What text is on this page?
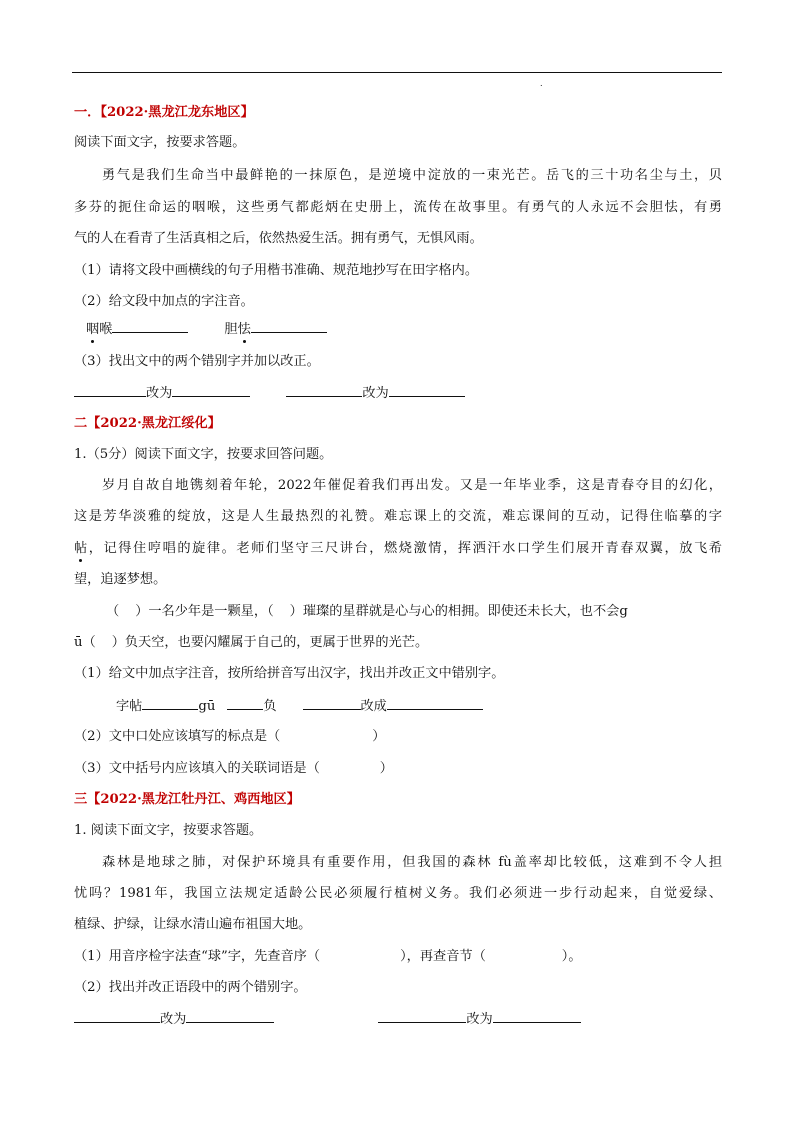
.
一．【2022·黑龙江龙东地区】
阅读下面文字，按要求答题。
勇气是我们生命当中最鲜艳的一抹原色，是逆境中淀放的一束光芒。岳飞的三十功名尘与土，贝
多芬的扼住命运的咽喉，这些勇气都彪炳在史册上，流传在故事里。有勇气的人永远不会胆怯，有勇
气的人在看青了生活真相之后，依然热爱生活。拥有勇气，无惧风雨。
（1）请将文段中画横线的句子用楷书准确、规范地抄写在田字格内。
（2）给文段中加点的字注音。
咽喉	胆怯
（3）找出文中的两个错别字并加以改正。
改为	改为
二【2022·黑龙江绥化】
1.（5分）阅读下面文字，按要求回答问题。
岁月自故自地镌刻着年轮，2022年催促着我们再出发。又是一年毕业季，这是青春夺目的幻化，
这是芳华淡雅的绽放，这是人生最热烈的礼赞。难忘课上的交流，难忘课间的互动，记得住临摹的字
帖，记得住哼唱的旋律。老师们坚守三尺讲台，燃烧激情，挥洒汗水口学生们展开青春双翼，放飞希
望，追逐梦想。
（ ）一名少年是一颗星，（ ）璀璨的星群就是心与心的相拥。即使还未长大，也不会g
ū（ ）负天空，也要闪耀属于自己的，更属于世界的光芒。
（1）给文中加点字注音，按所给拼音写出汉字，找出并改正文中错别字。
字帖	gū	负	改成
（2）文中口处应该填写的标点是（	）
（3）文中括号内应该填入的关联词语是（	）
三【2022·黑龙江牡丹江、鸡西地区】
1. 阅读下面文字，按要求答题。
森林是地球之肺，对保护环境具有重要作用，但我国的森林 fù盖率却比较低，这难到不令人担
忧吗？1981年，我国立法规定适龄公民必须履行植树义务。我们必须进一步行动起来，自觉爱绿、
植绿、护绿，让绿水清山遍布祖国大地。
（1）用音序检字法查“球”字，先查音序（	），再查音节（	）。
（2）找出并改正语段中的两个错别字。
改为	改为
